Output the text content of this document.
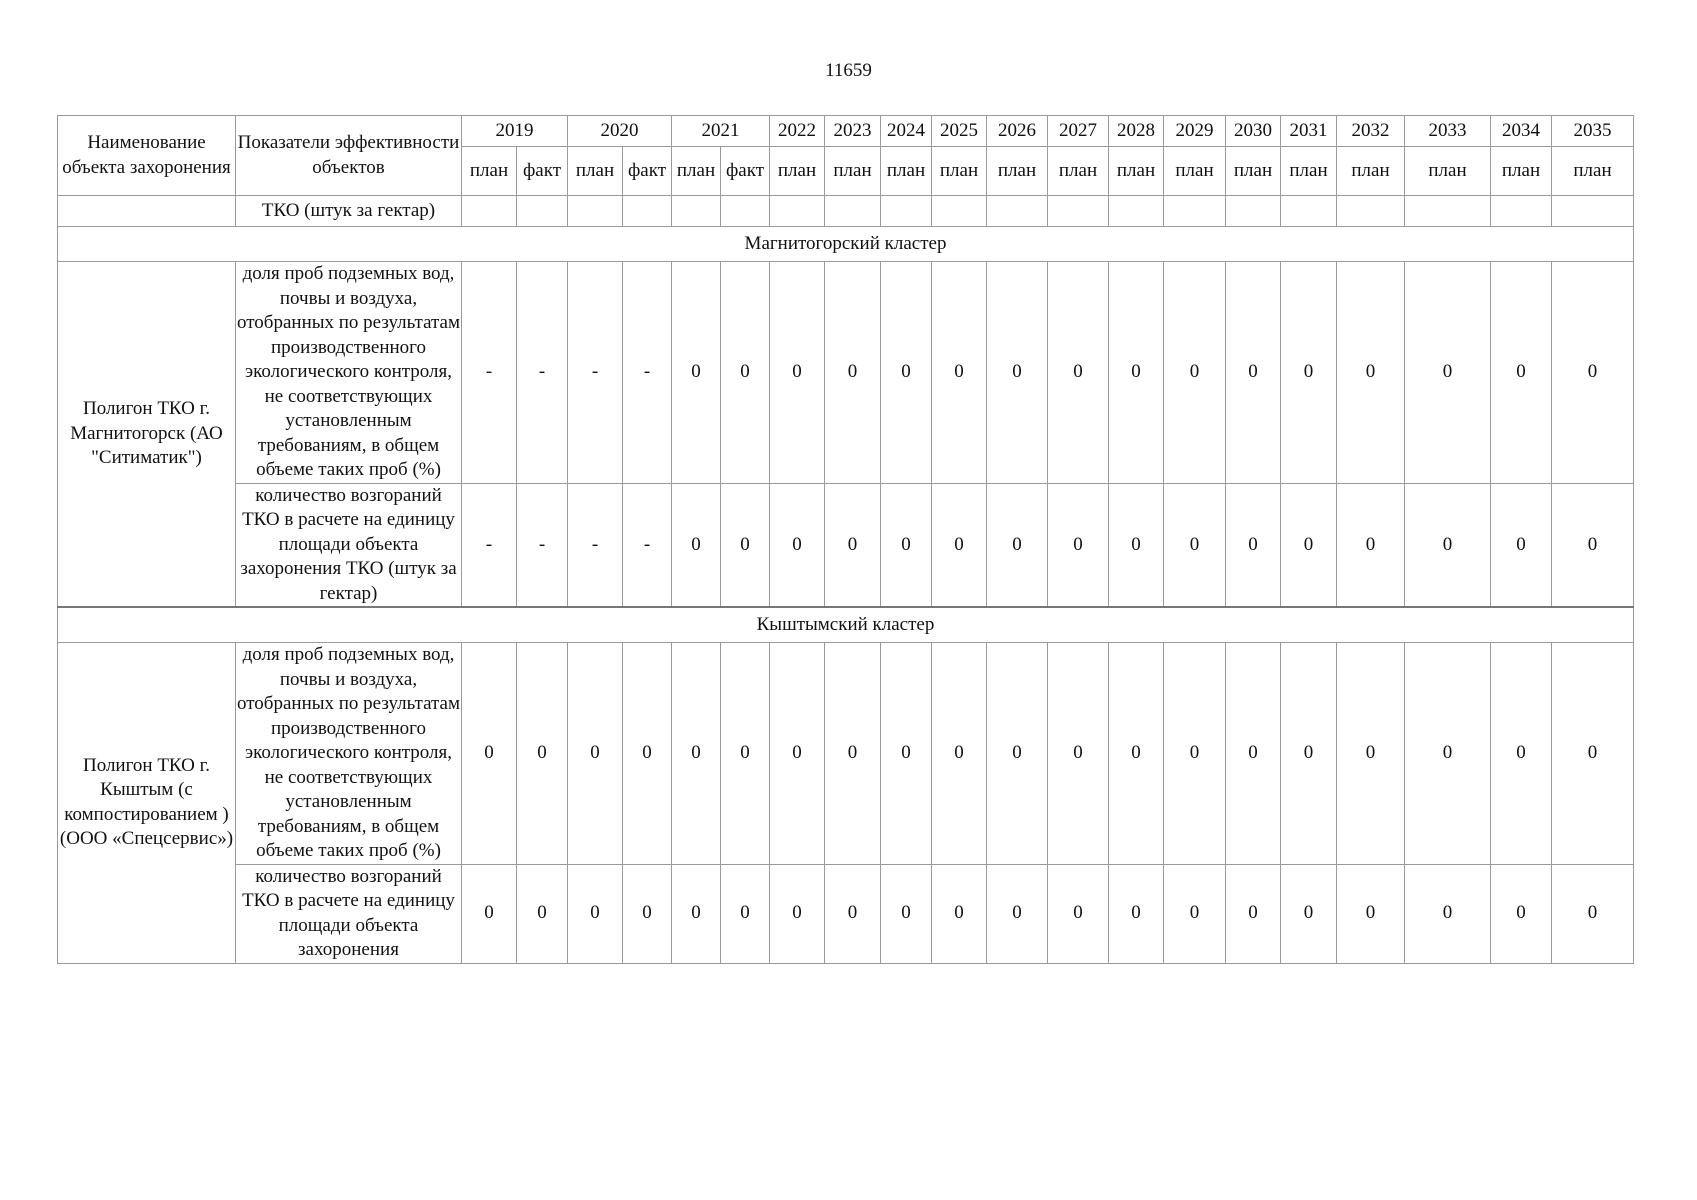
11659
Наименование объекта захоронения	Показатели эффективности объектов	2019		2020		2021		2022	2023	2024	2025	2026	2027	2028	2029	2030	2031	2032	2033	2034	2035
		план	факт	план	факт	план	факт	план	план	план	план	план	план	план	план	план	план	план	план	план	план
	ТКО (штук за гектар)																				
Магнитогорский кластер																					
Полигон ТКО г. Магнитогорск (АО "Ситиматик")	доля проб подземных вод, почвы и воздуха, отобранных по результатам производственного экологического контроля, не соответствующих установленным требованиям, в общем объеме таких проб (%)	-	-	-	-	0	0	0	0	0	0	0	0	0	0	0	0	0	0	0	0
	количество возгораний ТКО в расчете на единицу площади объекта захоронения ТКО (штук за гектар)	-	-	-	-	0	0	0	0	0	0	0	0	0	0	0	0	0	0	0	0
Кыштымский кластер																					
Полигон ТКО г. Кыштым (с компостированием ) (ООО «Спецсервис»)	доля проб подземных вод, почвы и воздуха, отобранных по результатам производственного экологического контроля, не соответствующих установленным требованиям, в общем объеме таких проб (%)	0	0	0	0	0	0	0	0	0	0	0	0	0	0	0	0	0	0	0	0
	количество возгораний ТКО в расчете на единицу площади объекта захоронения	0	0	0	0	0	0	0	0	0	0	0	0	0	0	0	0	0	0	0	0
